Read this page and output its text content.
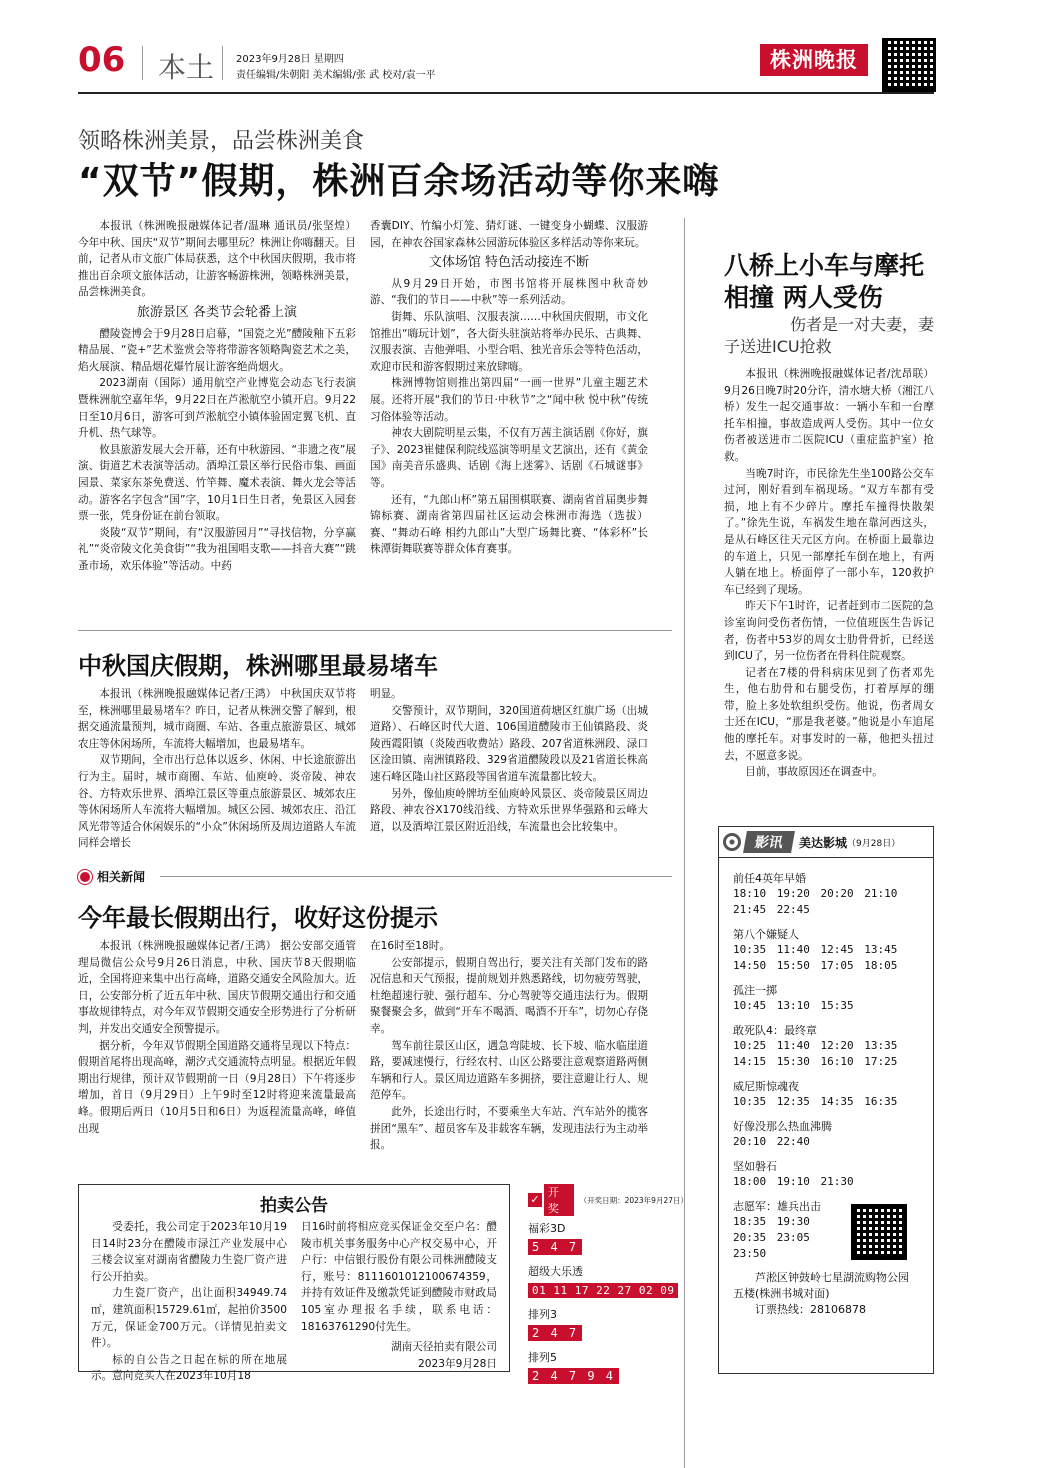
06 本土 2023年9月28日 星期四
责任编辑/朱朝阳 美术编辑/张 武 校对/袁一平
株洲晚报
领略株洲美景，品尝株洲美食
“双节”假期，株洲百余场活动等你来嗨

本报讯（株洲晚报融媒体记者/温琳 通讯员/张坚煌） 今年中秋、国庆“双节”期间去哪里玩？株洲让你嗨翻天。目前，记者从市文旅广体局获悉，这个中秋国庆假期，我市将推出百余项文旅体活动，让游客畅游株洲，领略株洲美景，品尝株洲美食。

旅游景区 各类节会轮番上演

醴陵瓷博会于9月28日启幕，“国瓷之光”醴陵釉下五彩精品展、“瓷+”艺术鉴赏会等将带游客领略陶瓷艺术之美，焰火展演、精品烟花爆竹展让游客绝尚烟火。

2023湖南（国际）通用航空产业博览会动态飞行表演暨株洲航空嘉年华，9月22日在芦淞航空小镇开启。9月22日至10月6日，游客可到芦淞航空小镇体验固定翼飞机、直升机、热气球等。

攸县旅游发展大会开幕，还有中秋游园、“非遗之夜”展演、街道艺术表演等活动。酒埠江景区举行民俗市集、画面园景、菜家东茶免费送、竹竿舞、魔术表演、舞火龙会等活动。游客名字包含“国”字，10月1日生日者，免景区入园套票一张，凭身份证在前台领取。

炎陵“双节”期间，有“汉服游园月”“寻找信物，分享赢礼”“炎帝陵文化美食街”“我为祖国唱支歌——抖音大赛”“跳蚤市场，欢乐体验”等活动。中药

香囊DIY、竹编小灯笼、猜灯谜、一键变身小蝴蝶、汉服游园，在神农谷国家森林公园游玩体验区多样活动等你来玩。

文体场馆 特色活动接连不断

从9月29日开始，市图书馆将开展株图中秋奇妙游、“我们的节日——中秋”等一系列活动。

街舞、乐队演唱、汉服表演……中秋国庆假期，市文化馆推出“嗨玩计划”，各大街头驻演站将举办民乐、古典舞、汉服表演、吉他弹唱、小型合唱、独光音乐会等特色活动，欢迎市民和游客假期过来放肆嗨。

株洲博物馆则推出第四届“一画一世界”儿童主题艺术展。还将开展“我们的节日·中秋节”之“闻中秋 悦中秋”传统习俗体验等活动。

神农大剧院明星云集，不仅有万茜主演话剧《你好，旗子》、2023崔健保利院线巡演等明星文艺演出，还有《黄金国》南美音乐盛典、话剧《海上迷雾》、话剧《石城谜事》等。

还有，“九郎山杯”第五届围棋联赛、湖南省首届奥步舞锦标赛、湖南省第四届社区运动会株洲市海选（选拔）赛、“舞动石峰 相约九郎山”大型广场舞比赛、“体彩杯”长株潭街舞联赛等群众体育赛事。

八桥上小车与摩托
相撞 两人受伤
伤者是一对夫妻，妻
子送进ICU抢救

本报讯（株洲晚报融媒体记者/沈昂联）9月26日晚7时20分许，清水塘大桥（湘江八桥）发生一起交通事故：一辆小车和一台摩托车相撞，事故造成两人受伤。其中一位女伤者被送进市二医院ICU（重症监护室）抢救。

当晚7时许，市民徐先生坐100路公交车过河，刚好看到车祸现场。“双方车都有受损，地上有不少碎片。摩托车撞得快散架了。”徐先生说，车祸发生地在靠河西这头，是从石峰区往天元区方向。在桥面上最靠边的车道上，只见一部摩托车倒在地上，有两人躺在地上。桥面停了一部小车，120救护车已经到了现场。

昨天下午1时许，记者赶到市二医院的急诊室询问受伤者伤情，一位值班医生告诉记者，伤者中53岁的周女士肋骨骨折，已经送到ICU了，另一位伤者在骨科住院观察。

记者在7楼的骨科病床见到了伤者邓先生，他右肋骨和右腿受伤，打着厚厚的绷带，脸上多处软组织受伤。他说，伤者周女士还在ICU，“那是我老婆。”他说是小车追尾他的摩托车。对事发时的一幕，他把头扭过去，不愿意多说。

目前，事故原因还在调查中。

中秋国庆假期，株洲哪里最易堵车

本报讯（株洲晚报融媒体记者/王鸿） 中秋国庆双节将至，株洲哪里最易堵车？昨日，记者从株洲交警了解到，根据交通流量预判，城市商圈、车站、各重点旅游景区、城郊农庄等休闲场所，车流将大幅增加，也最易堵车。

双节期间，全市出行总体以返乡、休闲、中长途旅游出行为主。届时，城市商圈、车站、仙庾岭、炎帝陵、神农谷、方特欢乐世界、酒埠江景区等重点旅游景区、城郊农庄等休闲场所人车流将大幅增加。城区公园、城郊农庄、沿江风光带等适合休闲娱乐的“小众”休闲场所及周边道路人车流同样会增长

明显。

交警预计，双节期间，320国道荷塘区红旗广场（出城道路）、石峰区时代大道、106国道醴陵市王仙镇路段、炎陵西霞阳镇（炎陵西收费站）路段、207省道株洲段、渌口区淦田镇、南洲镇路段、329省道醴陵段以及21省道长株高速石峰区隆山社区路段等国省道车流量都比较大。

另外，像仙庾岭牌坊至仙庾岭风景区、炎帝陵景区周边路段、神农谷X170线沿线、方特欢乐世界华强路和云峰大道，以及酒埠江景区附近沿线，车流量也会比较集中。

相关新闻
今年最长假期出行，收好这份提示

本报讯（株洲晚报融媒体记者/王鸿） 据公安部交通管理局微信公众号9月26日消息，中秋、国庆节8天假期临近，全国将迎来集中出行高峰，道路交通安全风险加大。近日，公安部分析了近五年中秋、国庆节假期交通出行和交通事故规律特点，对今年双节假期交通安全形势进行了分析研判，并发出交通安全预警提示。

据分析，今年双节假期全国道路交通将呈现以下特点：假期首尾将出现高峰，潮汐式交通流特点明显。根据近年假期出行规律，预计双节假期前一日（9月28日）下午将逐步增加，首日（9月29日）上午9时至12时将迎来流量最高峰。假期后两日（10月5日和6日）为返程流量高峰，峰值出现

在16时至18时。

公安部提示，假期自驾出行，要关注有关部门发布的路况信息和天气预报，提前规划并熟悉路线，切勿疲劳驾驶，杜绝超速行驶、强行超车、分心驾驶等交通违法行为。假期聚餐聚会多，做到“开车不喝酒、喝酒不开车”，切勿心存侥幸。

驾车前往景区山区，遇急弯陡坡、长下坡、临水临崖道路，要减速慢行，行经农村、山区公路要注意观察道路两侧车辆和行人。景区周边道路车多拥挤，要注意避让行人、规范停车。

此外，长途出行时，不要乘坐大车站、汽车站外的揽客拼团“黑车”、超员客车及非载客车辆，发现违法行为主动举报。

拍卖公告

受委托，我公司定于2023年10月19日14时23分在醴陵市渌江产业发展中心三楼会议室对湖南省醴陵力生瓷厂资产进行公开拍卖。

力生瓷厂资产，出让面积34949.74㎡，建筑面积15729.61㎡，起拍价3500万元，保证金700万元。（详情见拍卖文件）。

标的自公告之日起在标的所在地展示。意向竞买人在2023年10月18

日16时前将相应竞买保证金交至户名：醴陵市机关事务服务中心产权交易中心，开户行：中信银行股份有限公司株洲醴陵支行，账号：8111601012100674359，并持有效证件及缴款凭证到醴陵市财政局105室办理报名手续，联系电话：18163761290付先生。

湖南天径拍卖有限公司
2023年9月28日
✓
开奖
（开奖日期：2023年9月27日）
福彩3D
5 4 7
超级大乐透
01 11 17 22 27 02 09
排列3
2 4 7
排列5
2 4 7 9 4
影讯	美达影城 （9月28日）
前任4英年早婚
18:10 19:20 20:20 21:10 21:45 22:45
第八个嫌疑人
10:35 11:40 12:45 13:45 14:50 15:50 17:05 18:05
孤注一掷
10:45 13:10 15:35
敢死队4：最终章
10:25 11:40 12:20 13:35 14:15 15:30 16:10 17:25
威尼斯惊魂夜
10:35 12:35 14:35 16:35
好像没那么热血沸腾
20:10 22:40
坚如磐石
18:00 19:10 21:30
志愿军：雄兵出击
18:35 19:30 20:35 23:05 23:50
芦淞区钟鼓岭七星湖流购物公园五楼(株洲书城对面)
订票热线：28106878
